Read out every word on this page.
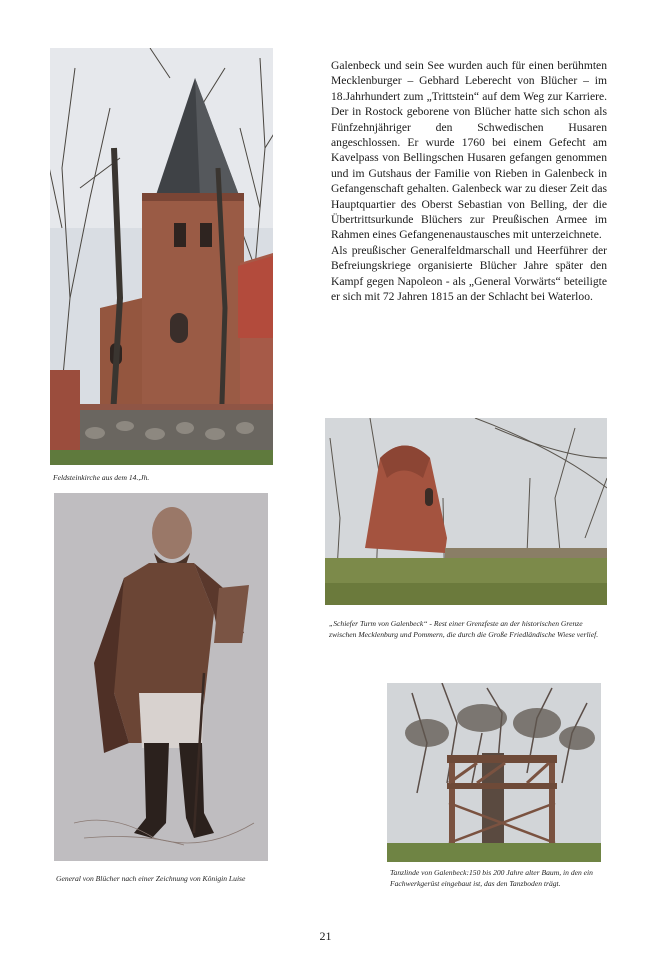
Feldsteinkirche aus dem 14.,Jh.

Galenbeck und sein See wurden auch für einen berühmten Mecklenburger – Gebhard Leberecht von Blücher – im 18.Jahrhundert zum „Trittstein“ auf dem Weg zur Karriere. Der in Rostock geborene von Blücher hatte sich schon als Fünfzehnjähriger den Schwedischen Husaren angeschlossen. Er wurde 1760 bei einem Gefecht am Kavelpass von Bellingschen Husaren gefangen genommen und im Gutshaus der Familie von Rieben in Galenbeck in Gefangenschaft gehalten. Galenbeck war zu dieser Zeit das Hauptquartier des Oberst Sebastian von Belling, der die Übertrittsurkunde Blüchers zur Preußischen Armee im Rahmen eines Gefangenenaustausches mit unterzeichnete.

Als preußischer Generalfeldmarschall und Heerführer der Befreiungskriege organisierte Blücher Jahre später den Kampf gegen Napoleon - als „General Vorwärts“ beteiligte er sich mit 72 Jahren 1815 an der Schlacht bei Waterloo.

General von Blücher nach einer Zeichnung von Königin Luise

„Schiefer Turm von Galenbeck“ - Rest einer Grenzfeste an der historischen Grenze zwischen Mecklenburg und Pommern, die durch die Große Friedländische Wiese verlief.

Tanzlinde von Galenbeck:150 bis 200 Jahre alter Baum, in den ein Fachwerkgerüst eingebaut ist, das den Tanzboden trägt.

21
